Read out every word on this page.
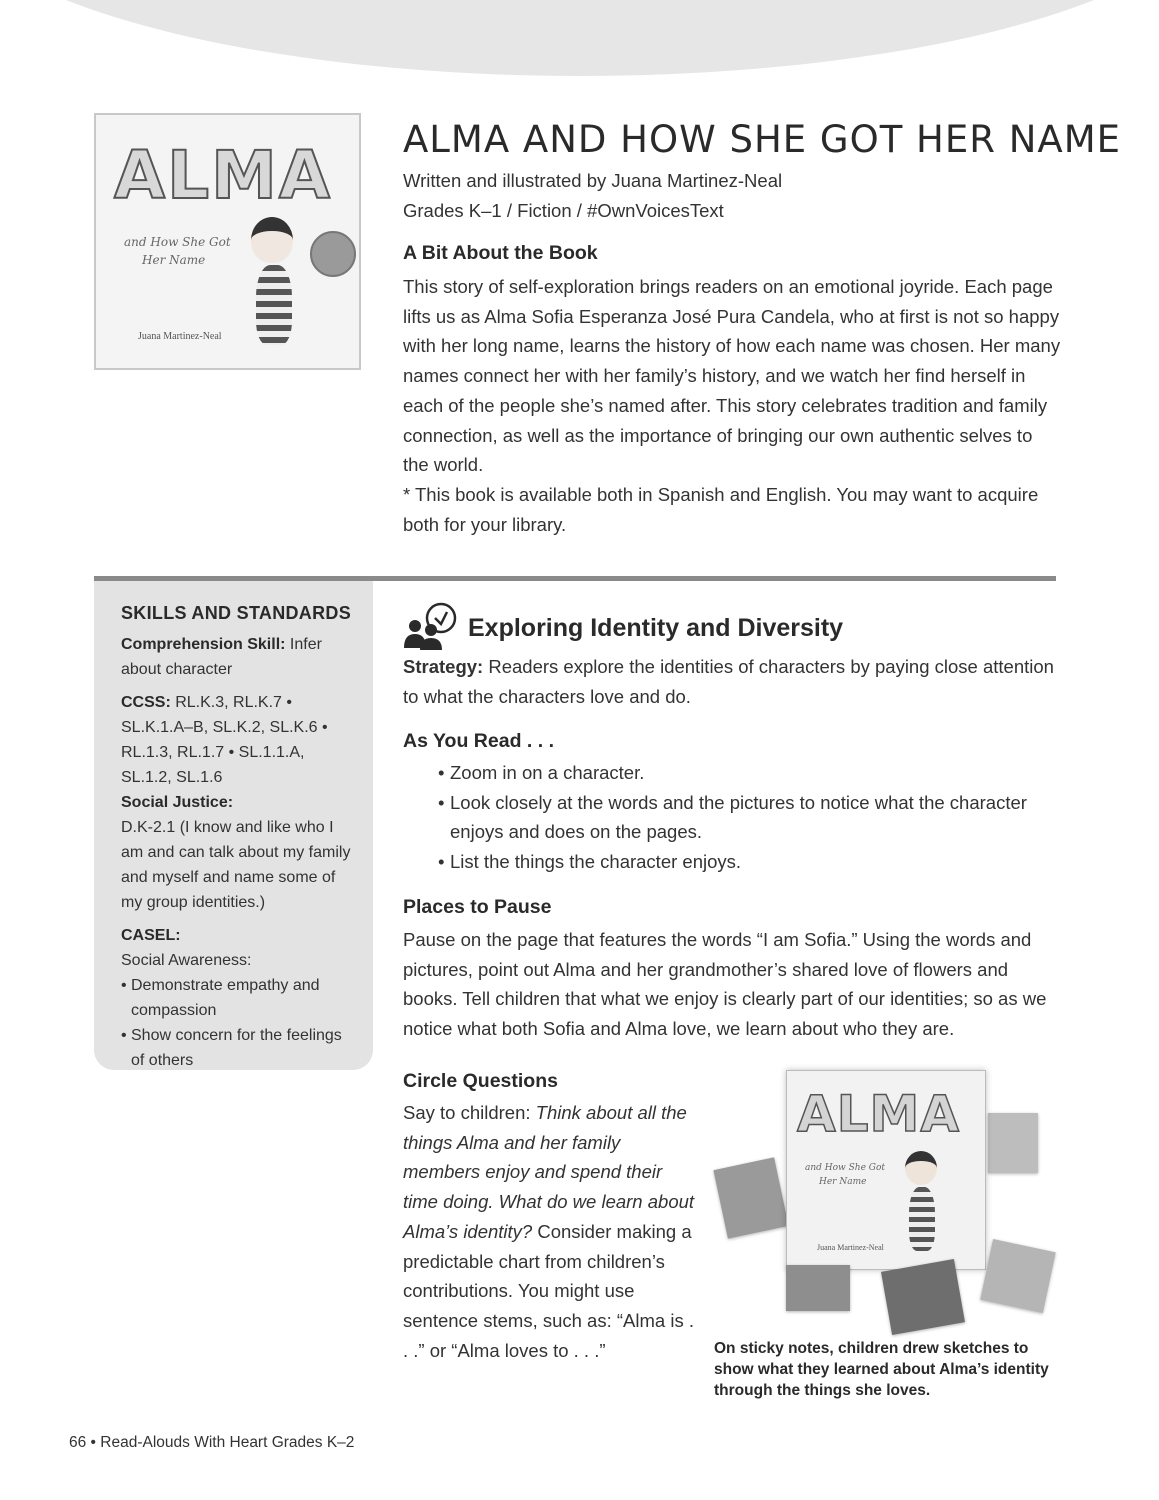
ALMA
and How She Got
Her Name
Juana Martinez-Neal
ALMA AND HOW SHE GOT HER NAME
Written and illustrated by Juana Martinez-Neal
Grades K–1 / Fiction / #OwnVoicesText
A Bit About the Book

This story of self-exploration brings readers on an emotional joyride. Each page lifts us as Alma Sofia Esperanza José Pura Candela, who at first is not so happy with her long name, learns the history of how each name was chosen. Her many names connect her with her family’s history, and we watch her find herself in each of the people she’s named after. This story celebrates tradition and family connection, as well as the importance of bringing our own authentic selves to the world.

* This book is available both in Spanish and English. You may want to acquire both for your library.

SKILLS AND STANDARDS
Comprehension Skill: Infer about character
CCSS: RL.K.3, RL.K.7 • SL.K.1.A–B, SL.K.2, SL.K.6 • RL.1.3, RL.1.7 • SL.1.1.A, SL.1.2, SL.1.6
Social Justice:
D.K-2.1 (I know and like who I am and can talk about my family and myself and name some of my group identities.)
CASEL:
Social Awareness:
• Demonstrate empathy and compassion
• Show concern for the feelings of others
Exploring Identity and Diversity

Strategy: Readers explore the identities of characters by paying close attention to what the characters love and do.

As You Read . . .
• Zoom in on a character.
• Look closely at the words and the pictures to notice what the character enjoys and does on the pages.
• List the things the character enjoys.
Places to Pause

Pause on the page that features the words “I am Sofia.” Using the words and pictures, point out Alma and her grandmother’s shared love of flowers and books. Tell children that what we enjoy is clearly part of our identities; so as we notice what both Sofia and Alma love, we learn about who they are.

Circle Questions

Say to children: Think about all the things Alma and her family members enjoy and spend their time doing. What do we learn about Alma’s identity? Consider making a predictable chart from children’s contributions. You might use sentence stems, such as: “Alma is . . .” or “Alma loves to . . .”

ALMA
and How She Got
Her Name
Juana Martinez-Neal

On sticky notes, children drew sketches to show what they learned about Alma’s identity through the things she loves.

66 • Read-Alouds With Heart Grades K–2
